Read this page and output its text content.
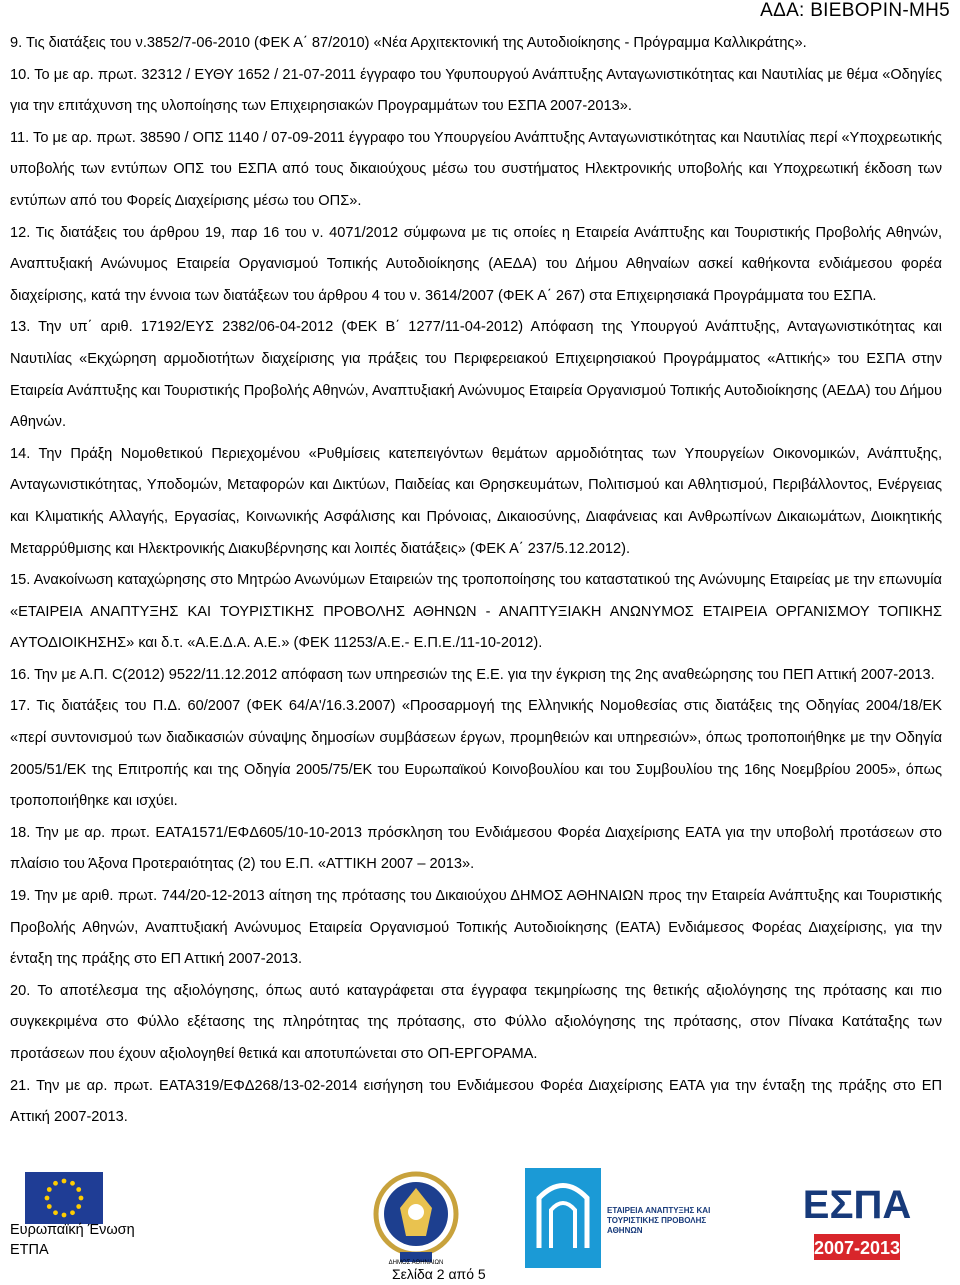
ΑΔΑ: ΒΙΕΒΟΡΙΝ-ΜΗ5

9. Τις διατάξεις του ν.3852/7-06-2010 (ΦΕΚ Α΄ 87/2010) «Νέα Αρχιτεκτονική της Αυτοδιοίκησης - Πρόγραμμα Καλλικράτης».

10. Το με αρ. πρωτ. 32312 / ΕΥΘΥ 1652 / 21-07-2011 έγγραφο του Υφυπουργού Ανάπτυξης Ανταγωνιστικότητας και Ναυτιλίας με θέμα «Οδηγίες για την επιτάχυνση της υλοποίησης των Επιχειρησιακών Προγραμμάτων του ΕΣΠΑ 2007-2013».

11. Το με αρ. πρωτ. 38590 / ΟΠΣ 1140 / 07-09-2011 έγγραφο του Υπουργείου Ανάπτυξης Ανταγωνιστικότητας και Ναυτιλίας περί «Υποχρεωτικής υποβολής των εντύπων ΟΠΣ του ΕΣΠΑ από τους δικαιούχους μέσω του συστήματος Ηλεκτρονικής υποβολής και Υποχρεωτική έκδοση των εντύπων από του Φορείς Διαχείρισης μέσω του ΟΠΣ».

12. Τις διατάξεις του άρθρου 19, παρ 16 του ν. 4071/2012 σύμφωνα με τις οποίες η Εταιρεία Ανάπτυξης και Τουριστικής Προβολής Αθηνών, Αναπτυξιακή Ανώνυμος Εταιρεία Οργανισμού Τοπικής Αυτοδιοίκησης (ΑΕΔΑ) του Δήμου Αθηναίων ασκεί καθήκοντα ενδιάμεσου φορέα διαχείρισης, κατά την έννοια των διατάξεων του άρθρου 4 του ν. 3614/2007 (ΦΕΚ Α΄ 267) στα Επιχειρησιακά Προγράμματα του ΕΣΠΑ.

13. Την υπ΄ αριθ. 17192/ΕΥΣ 2382/06-04-2012 (ΦΕΚ Β΄ 1277/11-04-2012) Απόφαση της Υπουργού Ανάπτυξης, Ανταγωνιστικότητας και Ναυτιλίας «Εκχώρηση αρμοδιοτήτων διαχείρισης για πράξεις του Περιφερειακού Επιχειρησιακού Προγράμματος «Αττικής» του ΕΣΠΑ στην Εταιρεία Ανάπτυξης και Τουριστικής Προβολής Αθηνών, Αναπτυξιακή Ανώνυμος Εταιρεία Οργανισμού Τοπικής Αυτοδιοίκησης (ΑΕΔΑ) του Δήμου Αθηνών.

14. Την Πράξη Νομοθετικού Περιεχομένου «Ρυθμίσεις κατεπειγόντων θεμάτων αρμοδιότητας των Υπουργείων Οικονομικών, Ανάπτυξης, Ανταγωνιστικότητας, Υποδομών, Μεταφορών και Δικτύων, Παιδείας και Θρησκευμάτων, Πολιτισμού και Αθλητισμού, Περιβάλλοντος, Ενέργειας και Κλιματικής Αλλαγής, Εργασίας, Κοινωνικής Ασφάλισης και Πρόνοιας, Δικαιοσύνης, Διαφάνειας και Ανθρωπίνων Δικαιωμάτων, Διοικητικής Μεταρρύθμισης και Ηλεκτρονικής Διακυβέρνησης και λοιπές διατάξεις» (ΦΕΚ Α΄ 237/5.12.2012).

15. Ανακοίνωση καταχώρησης στο Μητρώο Ανωνύμων Εταιρειών της τροποποίησης του καταστατικού της Ανώνυμης Εταιρείας με την επωνυμία «ΕΤΑΙΡΕΙΑ ΑΝΑΠΤΥΞΗΣ ΚΑΙ ΤΟΥΡΙΣΤΙΚΗΣ ΠΡΟΒΟΛΗΣ ΑΘΗΝΩΝ - ΑΝΑΠΤΥΞΙΑΚΗ ΑΝΩΝΥΜΟΣ ΕΤΑΙΡΕΙΑ ΟΡΓΑΝΙΣΜΟΥ ΤΟΠΙΚΗΣ ΑΥΤΟΔΙΟΙΚΗΣΗΣ» και δ.τ. «Α.Ε.Δ.Α. Α.Ε.» (ΦΕΚ 11253/Α.Ε.- Ε.Π.Ε./11-10-2012).

16. Την με Α.Π. C(2012) 9522/11.12.2012 απόφαση των υπηρεσιών της Ε.Ε. για την έγκριση της 2ης αναθεώρησης του ΠΕΠ Αττική 2007-2013.

17. Τις διατάξεις του Π.Δ. 60/2007 (ΦΕΚ 64/Α'/16.3.2007) «Προσαρμογή της Ελληνικής Νομοθεσίας στις διατάξεις της Οδηγίας 2004/18/ΕΚ «περί συντονισμού των διαδικασιών σύναψης δημοσίων συμβάσεων έργων, προμηθειών και υπηρεσιών», όπως τροποποιήθηκε με την Οδηγία 2005/51/ΕΚ της Επιτροπής και της Οδηγία 2005/75/ΕΚ του Ευρωπαϊκού Κοινοβουλίου και του Συμβουλίου της 16ης Νοεμβρίου 2005», όπως τροποποιήθηκε και ισχύει.

18. Την με αρ. πρωτ. ΕΑΤΑ1571/ΕΦΔ605/10-10-2013 πρόσκληση του Ενδιάμεσου Φορέα Διαχείρισης ΕΑΤΑ για την υποβολή προτάσεων στο πλαίσιο του Άξονα Προτεραιότητας (2) του Ε.Π. «ΑΤΤΙΚΗ 2007 – 2013».

19. Την με αριθ. πρωτ. 744/20-12-2013 αίτηση της πρότασης του Δικαιούχου ΔΗΜΟΣ ΑΘΗΝΑΙΩΝ προς την Εταιρεία Ανάπτυξης και Τουριστικής Προβολής Αθηνών, Αναπτυξιακή Ανώνυμος Εταιρεία Οργανισμού Τοπικής Αυτοδιοίκησης (ΕΑΤΑ) Ενδιάμεσος Φορέας Διαχείρισης, για την ένταξη της πράξης στο ΕΠ Αττική 2007-2013.

20. Το αποτέλεσμα της αξιολόγησης, όπως αυτό καταγράφεται στα έγγραφα τεκμηρίωσης της θετικής αξιολόγησης της πρότασης και πιο συγκεκριμένα στο Φύλλο εξέτασης της πληρότητας της πρότασης, στο Φύλλο αξιολόγησης της πρότασης, στον Πίνακα Κατάταξης των προτάσεων που έχουν αξιολογηθεί θετικά και αποτυπώνεται στο ΟΠ-ΕΡΓΟΡΑΜΑ.

21. Την με αρ. πρωτ. ΕΑΤΑ319/ΕΦΔ268/13-02-2014 εισήγηση του Ενδιάμεσου Φορέα Διαχείρισης ΕΑΤΑ για την ένταξη της πράξης στο ΕΠ Αττική 2007-2013.

Ευρωπαϊκή Ένωση
ΕΤΠΑ
ΔΗΜΟΣ ΑΘΗΝΑΙΩΝ
ΕΤΑΙΡΕΙΑ ΑΝΑΠΤΥΞΗΣ ΚΑΙ ΤΟΥΡΙΣΤΙΚΗΣ ΠΡΟΒΟΛΗΣ ΑΘΗΝΩΝ
ΕΣΠΑ
2007-2013
Σελίδα 2 από 5
